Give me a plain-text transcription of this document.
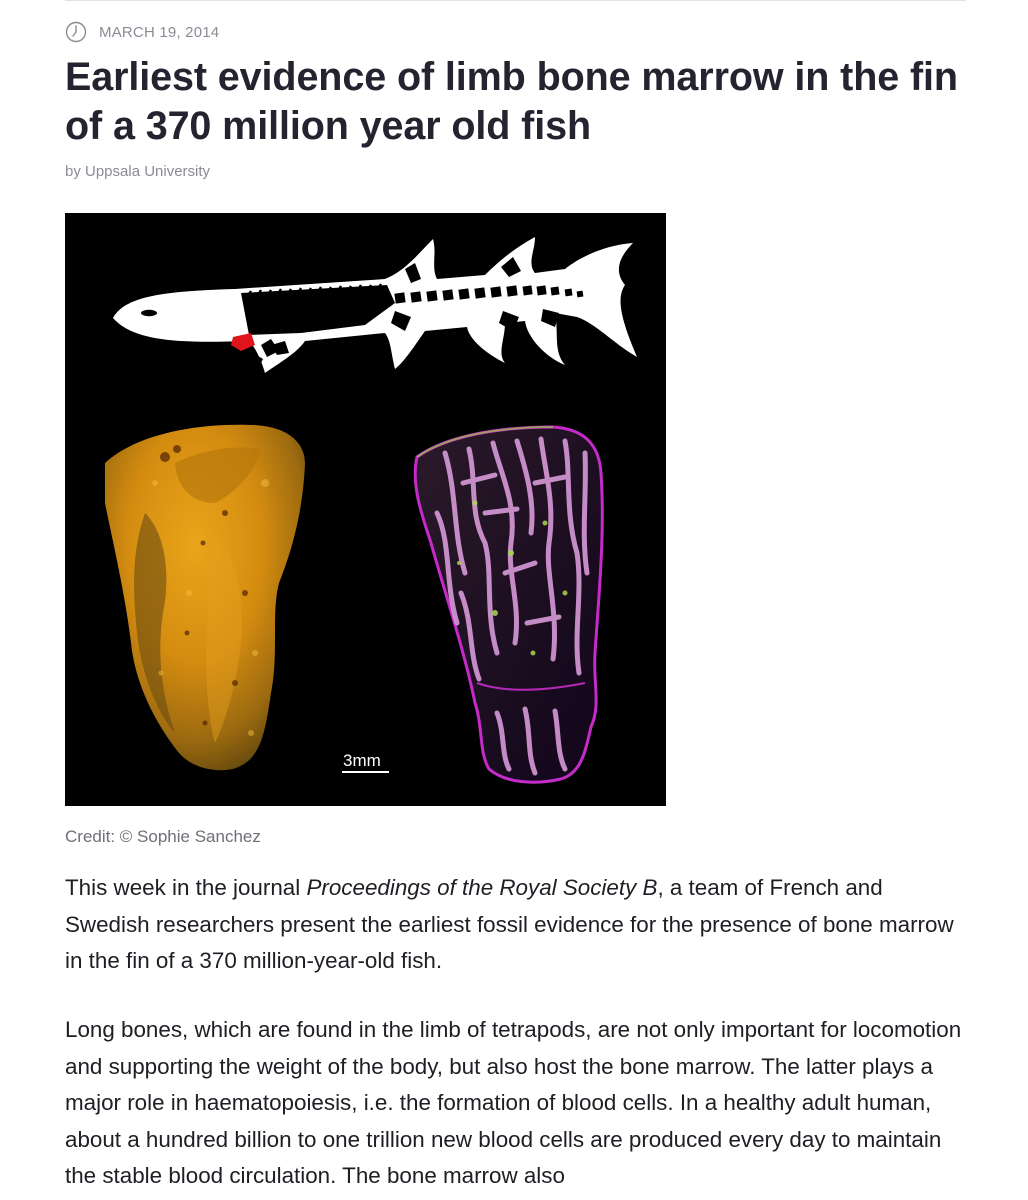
MARCH 19, 2014
Earliest evidence of limb bone marrow in the fin of a 370 million year old fish
by Uppsala University
3mm
Credit: © Sophie Sanchez

This week in the journal Proceedings of the Royal Society B, a team of French and Swedish researchers present the earliest fossil evidence for the presence of bone marrow in the fin of a 370 million-year-old fish.

Long bones, which are found in the limb of tetrapods, are not only important for locomotion and supporting the weight of the body, but also host the bone marrow. The latter plays a major role in haematopoiesis, i.e. the formation of blood cells. In a healthy adult human, about a hundred billion to one trillion new blood cells are produced every day to maintain the stable blood circulation. The bone marrow also
